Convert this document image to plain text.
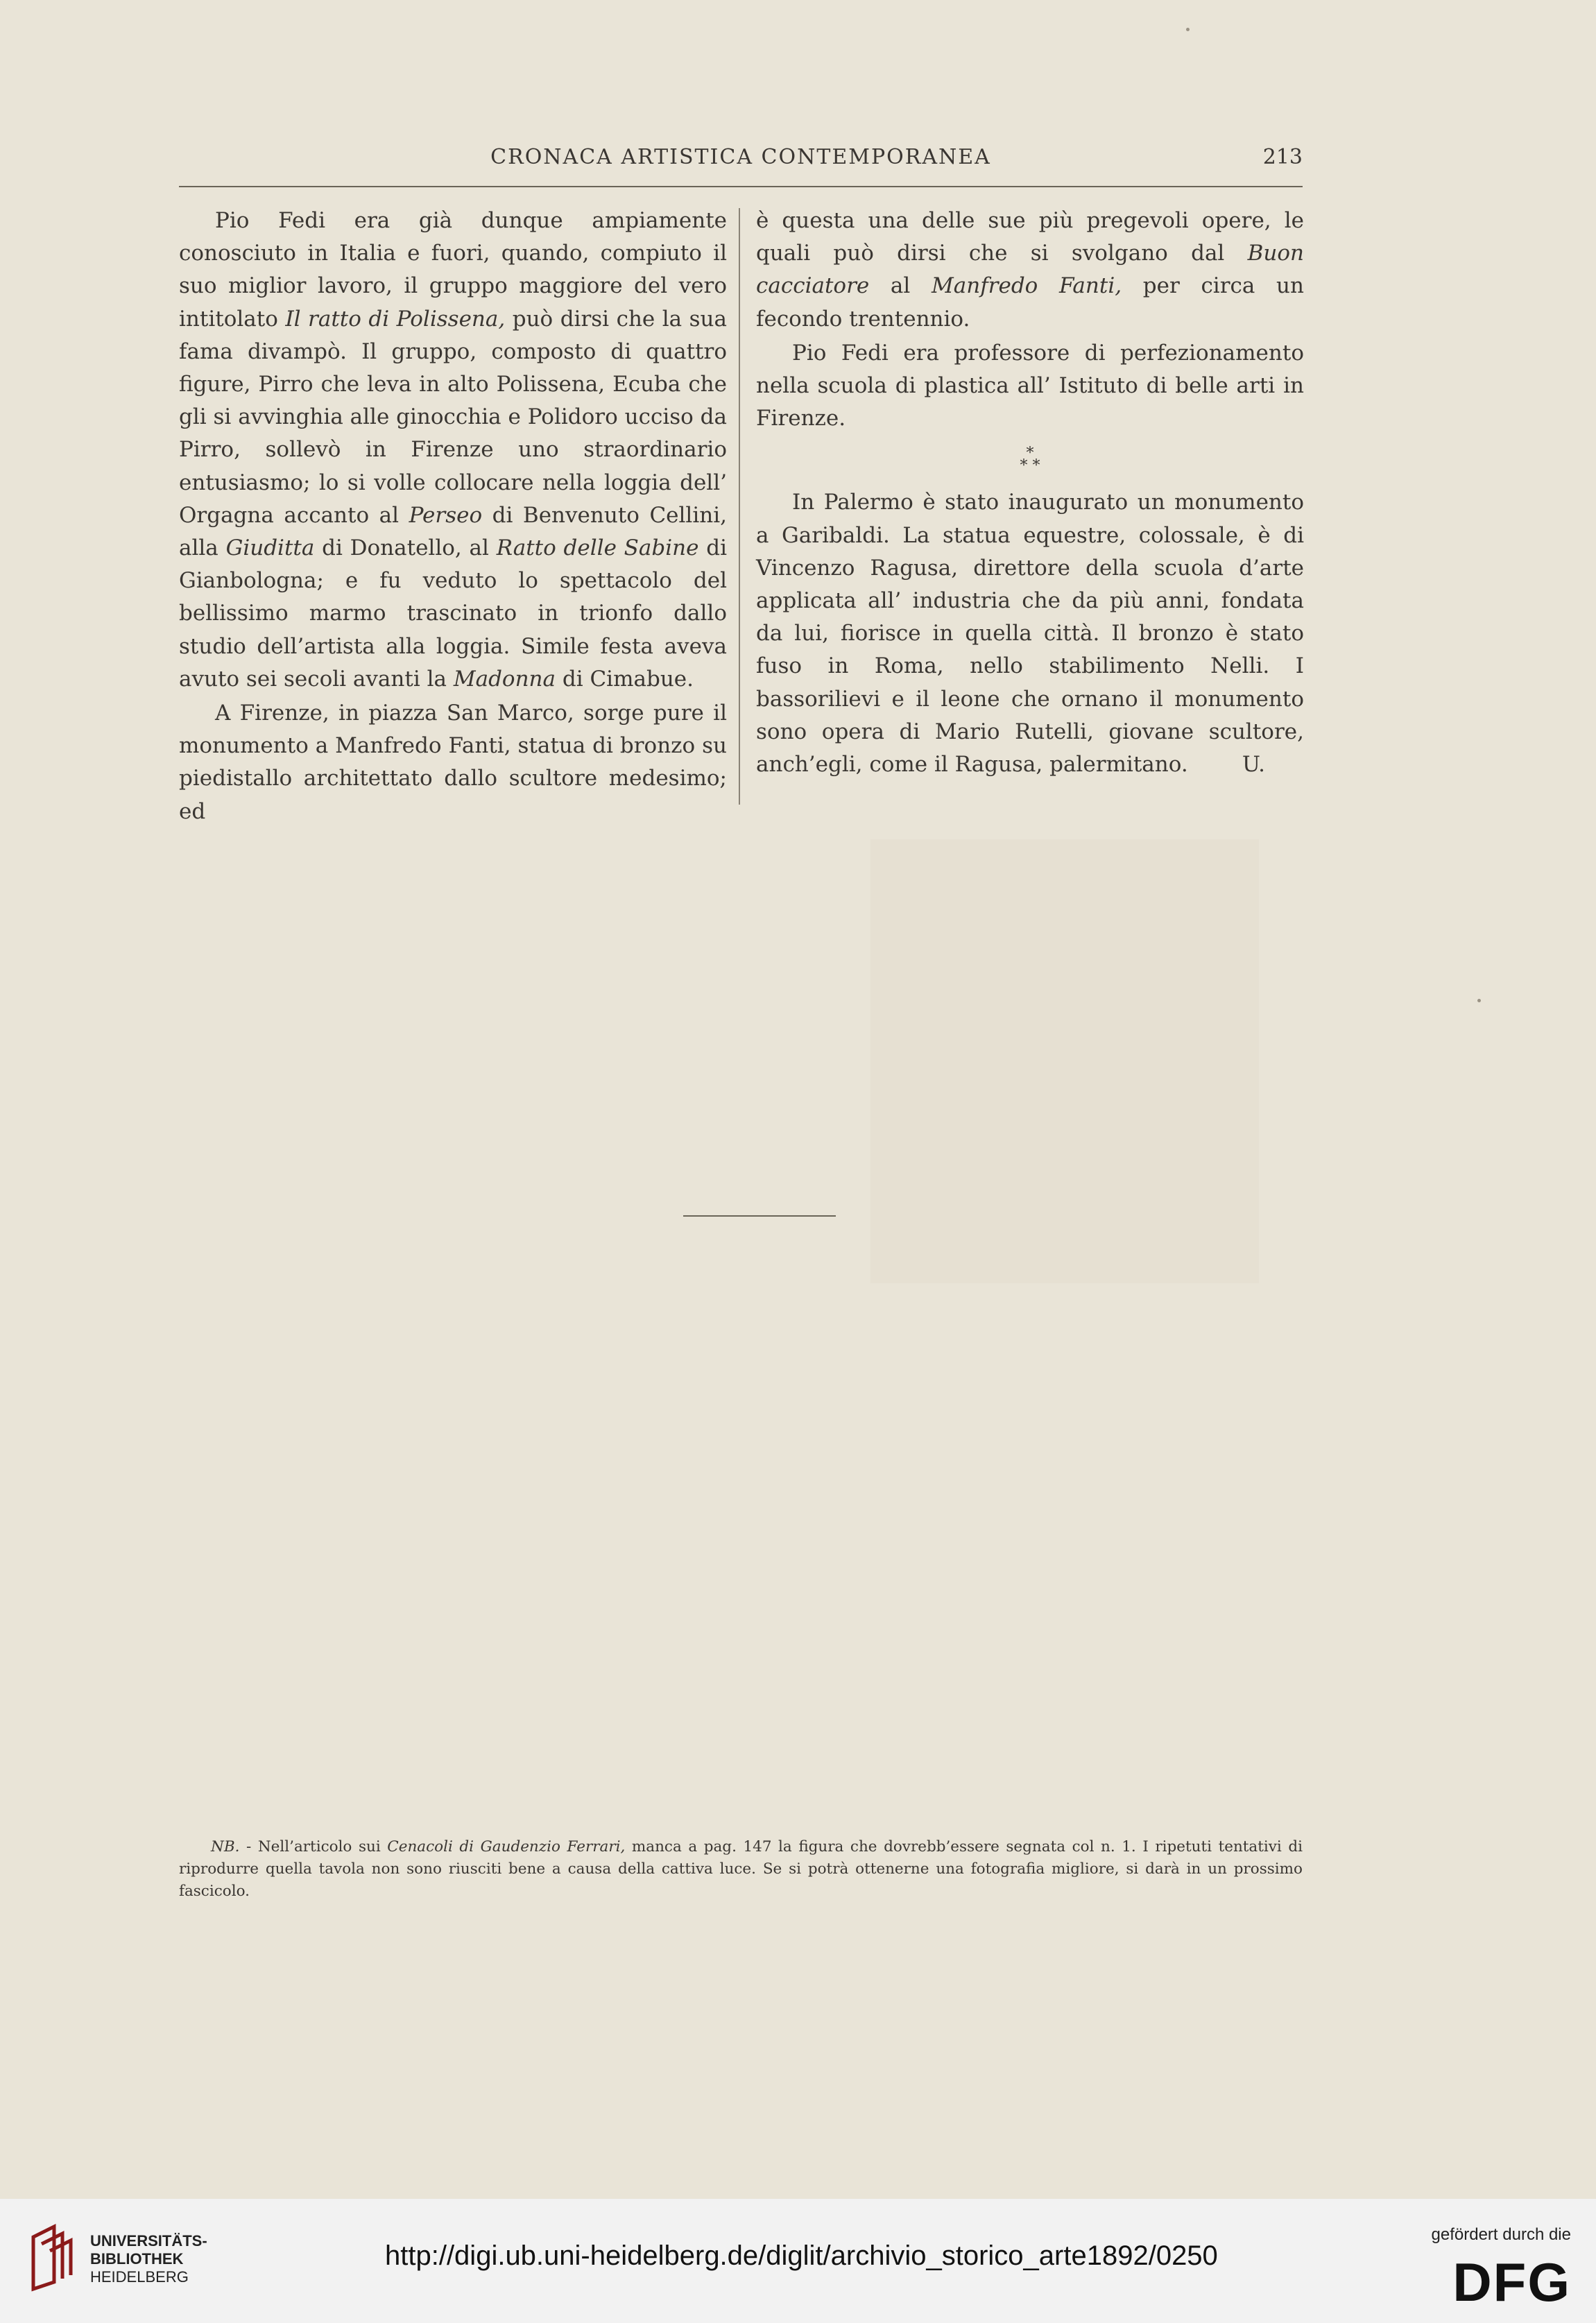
CRONACA ARTISTICA CONTEMPORANEA	213

Pio Fedi era già dunque ampiamente conosciuto in Italia e fuori, quando, compiuto il suo miglior lavoro, il gruppo maggiore del vero intitolato Il ratto di Polissena, può dirsi che la sua fama divampò. Il gruppo, composto di quattro figure, Pirro che leva in alto Polissena, Ecuba che gli si avvinghia alle ginocchia e Polidoro ucciso da Pirro, sollevò in Firenze uno straordinario entusiasmo; lo si volle collocare nella loggia dell’ Orgagna accanto al Perseo di Benvenuto Cellini, alla Giuditta di Donatello, al Ratto delle Sabine di Gianbologna; e fu veduto lo spettacolo del bellissimo marmo trascinato in trionfo dallo studio dell’artista alla loggia. Simile festa aveva avuto sei secoli avanti la Madonna di Cimabue.

A Firenze, in piazza San Marco, sorge pure il monumento a Manfredo Fanti, statua di bronzo su piedistallo architettato dallo scultore medesimo; ed

è questa una delle sue più pregevoli opere, le quali può dirsi che si svolgano dal Buon cacciatore al Manfredo Fanti, per circa un fecondo trentennio.

Pio Fedi era professore di perfezionamento nella scuola di plastica all’ Istituto di belle arti in Firenze.

*
* *

In Palermo è stato inaugurato un monumento a Garibaldi. La statua equestre, colossale, è di Vincenzo Ragusa, direttore della scuola d’arte applicata all’ industria che da più anni, fondata da lui, fiorisce in quella città. Il bronzo è stato fuso in Roma, nello stabilimento Nelli. I bassorilievi e il leone che ornano il monumento sono opera di Mario Rutelli, giovane scultore, anch’egli, come il Ragusa, palermitano.	U.

NB. - Nell’articolo sui Cenacoli di Gaudenzio Ferrari, manca a pag. 147 la figura che dovrebb’essere segnata col n. 1. I ripetuti tentativi di riprodurre quella tavola non sono riusciti bene a causa della cattiva luce. Se si potrà ottenerne una fotografia migliore, si darà in un prossimo fascicolo.

UNIVERSITÄTS-
BIBLIOTHEK
HEIDELBERG
http://digi.ub.uni-heidelberg.de/diglit/archivio_storico_arte1892/0250
gefördert durch die
DFG
